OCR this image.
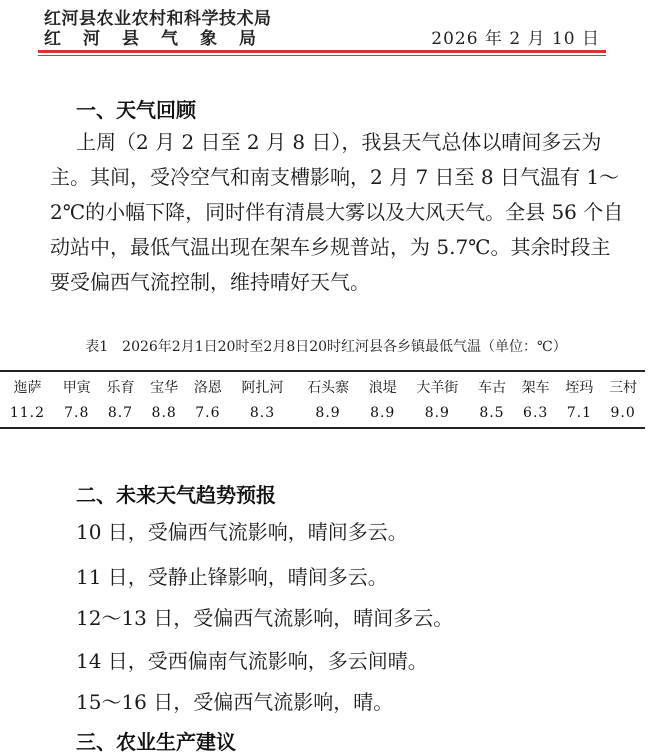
红河县农业农村和科学技术局
红河县气象局	2026 年 2 月 10 日
一、天气回顾

上周（2 月 2 日至 2 月 8 日），我县天气总体以晴间多云为主。其间，受冷空气和南支槽影响，2 月 7 日至 8 日气温有 1～2℃的小幅下降，同时伴有清晨大雾以及大风天气。全县 56 个自动站中，最低气温出现在架车乡规普站，为 5.7℃。其余时段主要受偏西气流控制，维持晴好天气。

表1　2026年2月1日20时至2月8日20时红河县各乡镇最低气温（单位：℃）
迤萨	甲寅	乐育	宝华	洛恩	阿扎河	石头寨	浪堤	大羊街	车古	架车	垤玛	三村
11.2	7.8	8.7	8.8	7.6	8.3	8.9	8.9	8.9	8.5	6.3	7.1	9.0
二、未来天气趋势预报
10 日，受偏西气流影响，晴间多云。
11 日，受静止锋影响，晴间多云。
12～13 日，受偏西气流影响，晴间多云。
14 日，受西偏南气流影响，多云间晴。
15～16 日，受偏西气流影响，晴。
三、农业生产建议
